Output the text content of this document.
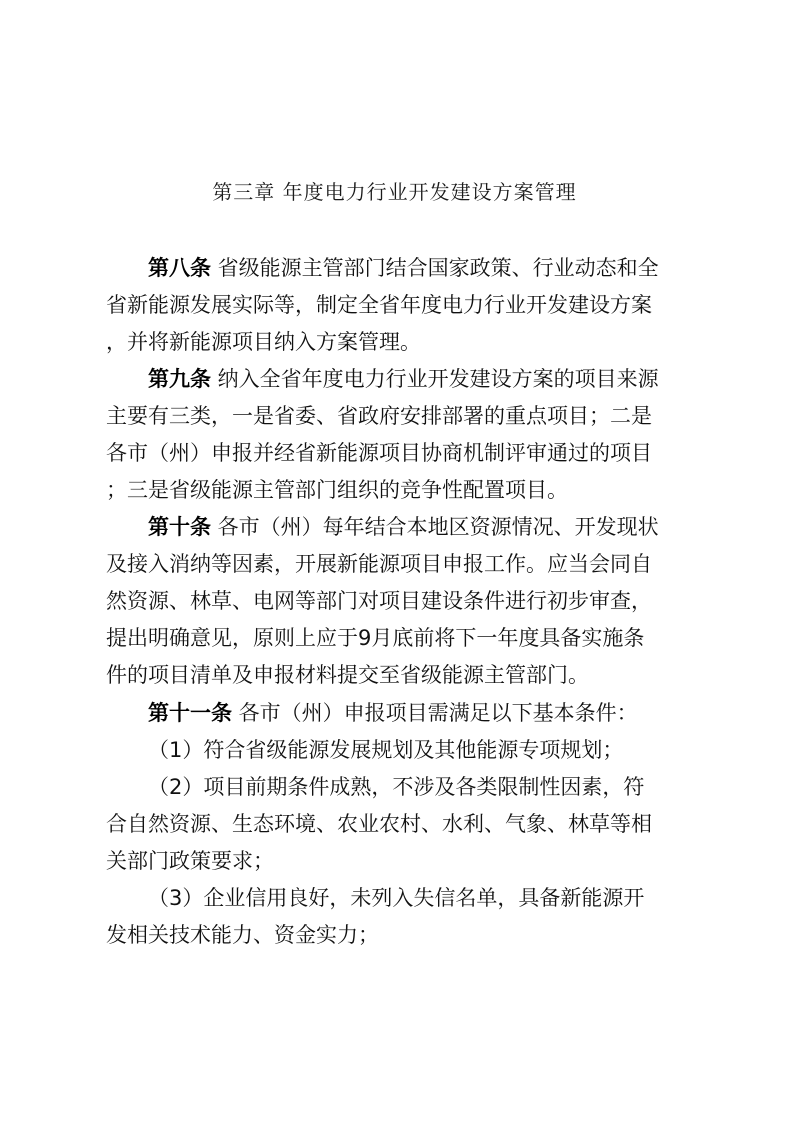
第三章 年度电力行业开发建设方案管理
第八条 省级能源主管部门结合国家政策、行业动态和全
省新能源发展实际等，制定全省年度电力行业开发建设方案
，并将新能源项目纳入方案管理。
第九条 纳入全省年度电力行业开发建设方案的项目来源
主要有三类，一是省委、省政府安排部署的重点项目；二是
各市（州）申报并经省新能源项目协商机制评审通过的项目
；三是省级能源主管部门组织的竞争性配置项目。
第十条 各市（州）每年结合本地区资源情况、开发现状
及接入消纳等因素，开展新能源项目申报工作。应当会同自
然资源、林草、电网等部门对项目建设条件进行初步审查，
提出明确意见，原则上应于9月底前将下一年度具备实施条
件的项目清单及申报材料提交至省级能源主管部门。
第十一条 各市（州）申报项目需满足以下基本条件：
（1）符合省级能源发展规划及其他能源专项规划；
（2）项目前期条件成熟，不涉及各类限制性因素，符
合自然资源、生态环境、农业农村、水利、气象、林草等相
关部门政策要求；
（3）企业信用良好，未列入失信名单，具备新能源开
发相关技术能力、资金实力；
